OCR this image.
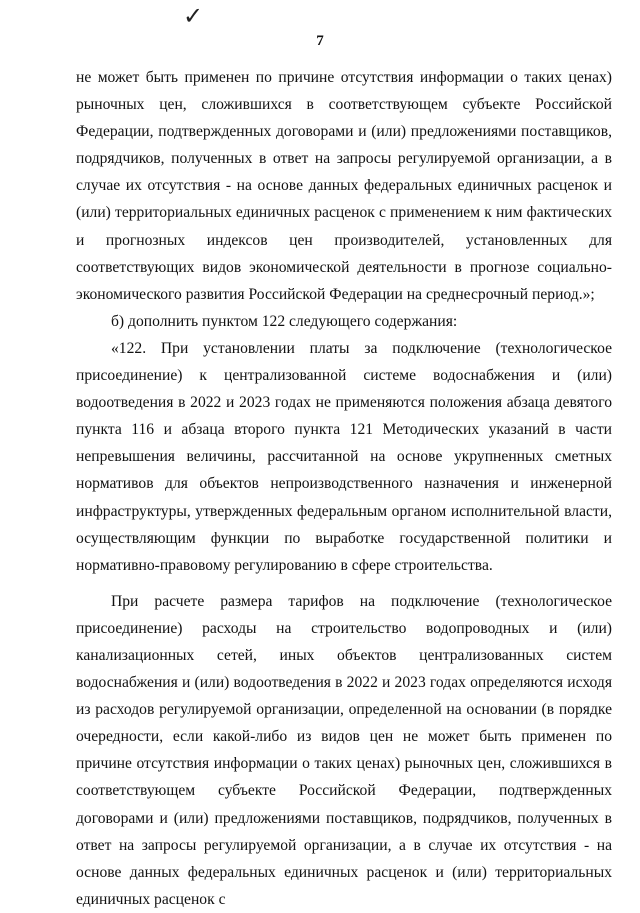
✓
7

не может быть применен по причине отсутствия информации о таких ценах) рыночных цен, сложившихся в соответствующем субъекте Российской Федерации, подтвержденных договорами и (или) предложениями поставщиков, подрядчиков, полученных в ответ на запросы регулируемой организации, а в случае их отсутствия - на основе данных федеральных единичных расценок и (или) территориальных единичных расценок с применением к ним фактических и прогнозных индексов цен производителей, установленных для соответствующих видов экономической деятельности в прогнозе социально-экономического развития Российской Федерации на среднесрочный период.»;

б) дополнить пунктом 122 следующего содержания:

«122. При установлении платы за подключение (технологическое присоединение) к централизованной системе водоснабжения и (или) водоотведения в 2022 и 2023 годах не применяются положения абзаца девятого пункта 116 и абзаца второго пункта 121 Методических указаний в части непревышения величины, рассчитанной на основе укрупненных сметных нормативов для объектов непроизводственного назначения и инженерной инфраструктуры, утвержденных федеральным органом исполнительной власти, осуществляющим функции по выработке государственной политики и нормативно-правовому регулированию в сфере строительства.

При расчете размера тарифов на подключение (технологическое присоединение) расходы на строительство водопроводных и (или) канализационных сетей, иных объектов централизованных систем водоснабжения и (или) водоотведения в 2022 и 2023 годах определяются исходя из расходов регулируемой организации, определенной на основании (в порядке очередности, если какой-либо из видов цен не может быть применен по причине отсутствия информации о таких ценах) рыночных цен, сложившихся в соответствующем субъекте Российской Федерации, подтвержденных договорами и (или) предложениями поставщиков, подрядчиков, полученных в ответ на запросы регулируемой организации, а в случае их отсутствия - на основе данных федеральных единичных расценок и (или) территориальных единичных расценок с
